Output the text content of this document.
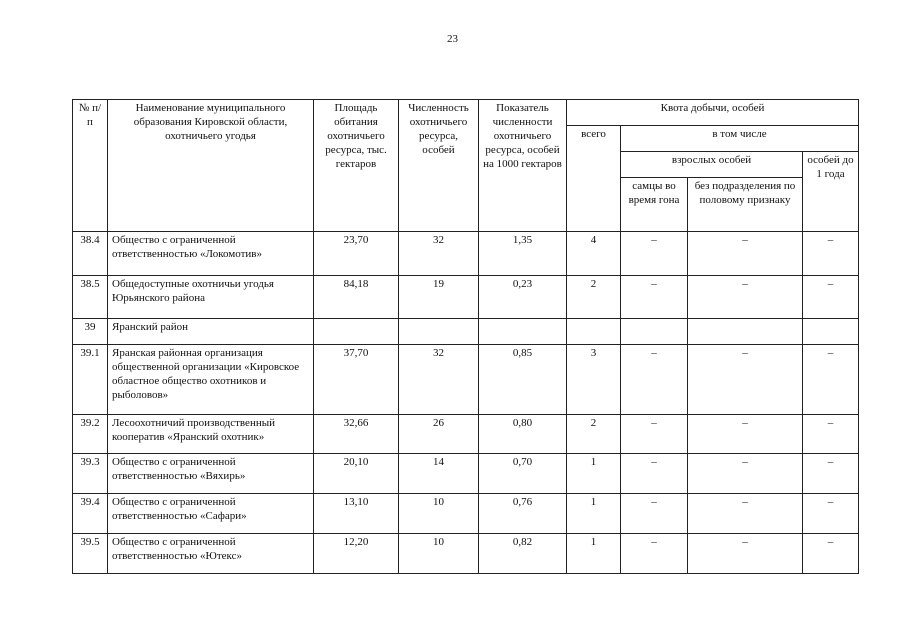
23
№ п/п	Наименование муниципального образования Кировской области, охотничьего угодья	Площадь обитания охотничьего ресурса, тыс. гектаров	Численность охотничьего ресурса, особей	Показатель численности охотничьего ресурса, особей на 1000 гектаров	Квота добычи, особей			
					всего	в том числе		
						взрослых особей		особей до 1 года
						самцы во время гона	без подразделения по половому признаку	
38.4	Общество с ограниченной ответственностью «Локомотив»	23,70	32	1,35	4	–	–	–
38.5	Общедоступные охотничьи угодья Юрьянского района	84,18	19	0,23	2	–	–	–
39	Яранский район							
39.1	Яранская районная организация общественной организации «Кировское областное общество охотников и рыболовов»	37,70	32	0,85	3	–	–	–
39.2	Лесоохотничий производственный кооператив «Яранский охотник»	32,66	26	0,80	2	–	–	–
39.3	Общество с ограниченной ответственностью «Вяхирь»	20,10	14	0,70	1	–	–	–
39.4	Общество с ограниченной ответственностью «Сафари»	13,10	10	0,76	1	–	–	–
39.5	Общество с ограниченной ответственностью «Ютекс»	12,20	10	0,82	1	–	–	–
